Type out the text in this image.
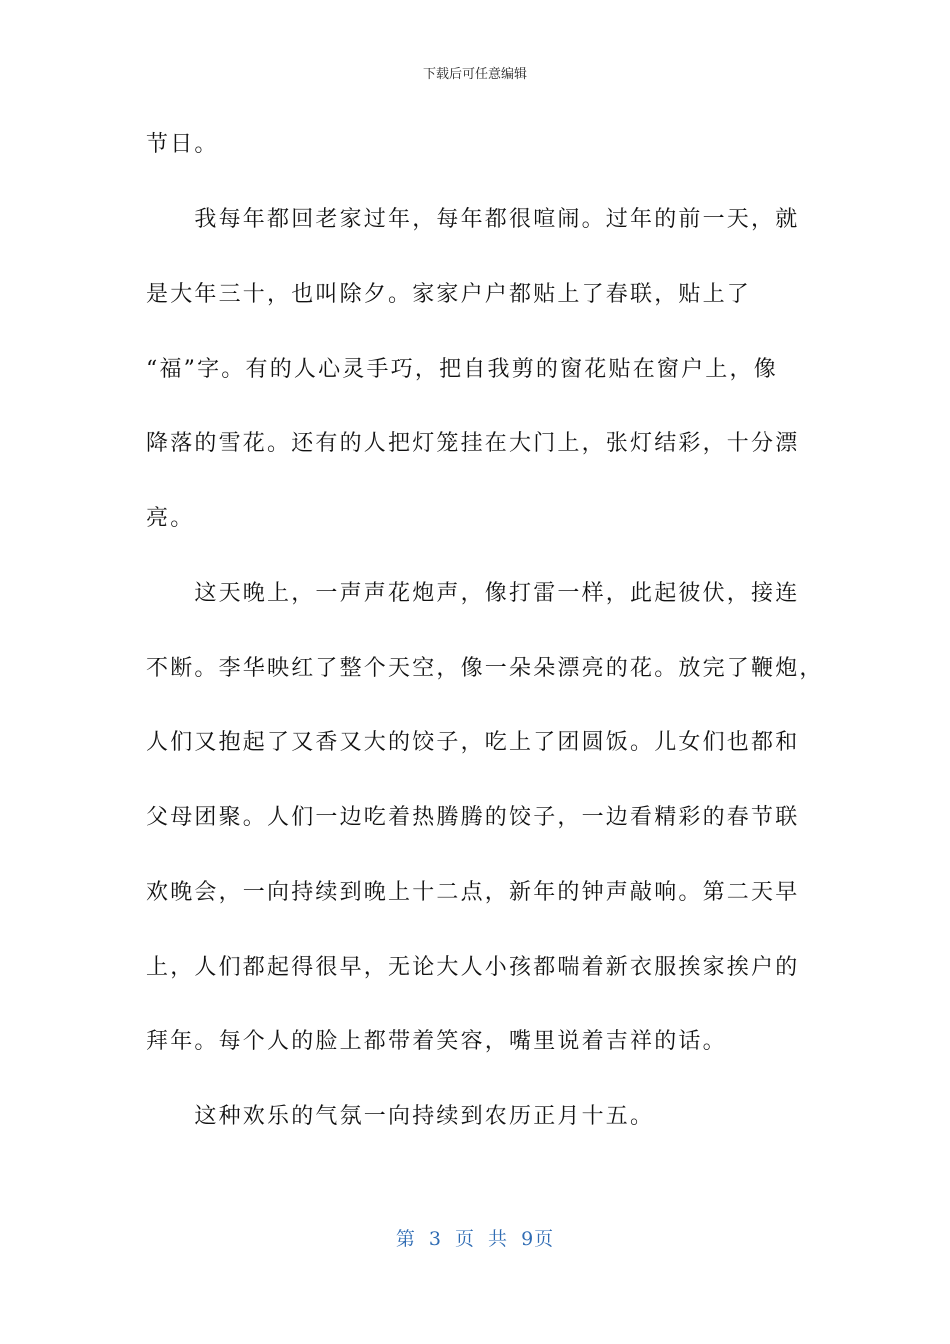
下载后可任意编辑
节日。
　　我每年都回老家过年，每年都很喧闹。过年的前一天，就
是大年三十，也叫除夕。家家户户都贴上了春联，贴上了
“福”字。有的人心灵手巧，把自我剪的窗花贴在窗户上，像
降落的雪花。还有的人把灯笼挂在大门上，张灯结彩，十分漂
亮。
　　这天晚上，一声声花炮声，像打雷一样，此起彼伏，接连
不断。李华映红了整个天空，像一朵朵漂亮的花。放完了鞭炮，
人们又抱起了又香又大的饺子，吃上了团圆饭。儿女们也都和
父母团聚。人们一边吃着热腾腾的饺子，一边看精彩的春节联
欢晚会，一向持续到晚上十二点，新年的钟声敲响。第二天早
上，人们都起得很早，无论大人小孩都喘着新衣服挨家挨户的
拜年。每个人的脸上都带着笑容，嘴里说着吉祥的话。
　　这种欢乐的气氛一向持续到农历正月十五。
第 3 页 共 9页
